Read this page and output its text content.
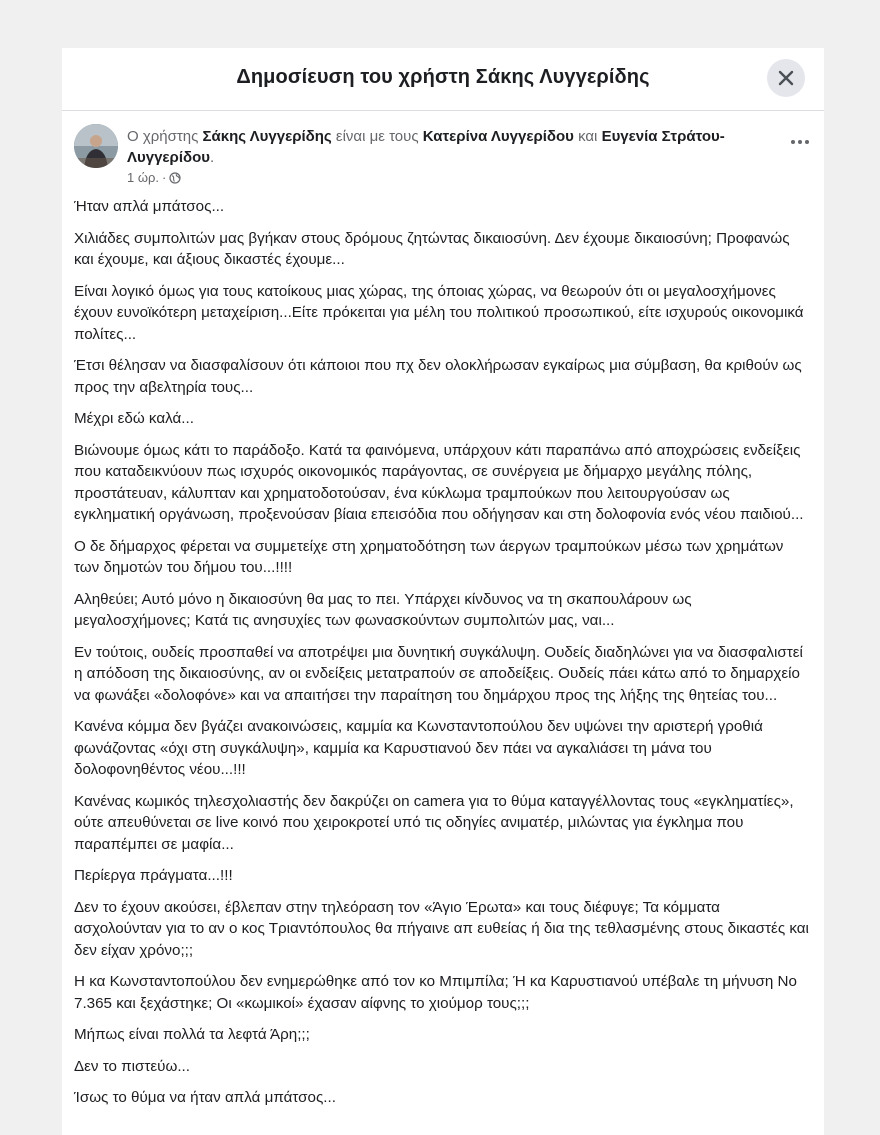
Δημοσίευση του χρήστη Σάκης Λυγγερίδης
Ο χρήστης Σάκης Λυγγερίδης είναι με τους Κατερίνα Λυγγερίδου και Ευγενία Στράτου-Λυγγερίδου.
1 ώρ. ·

Ήταν απλά μπάτσος...

Χιλιάδες συμπολιτών μας βγήκαν στους δρόμους ζητώντας δικαιοσύνη. Δεν έχουμε δικαιοσύνη; Προφανώς και έχουμε, και άξιους δικαστές έχουμε...

Είναι λογικό όμως για τους κατοίκους μιας χώρας, της όποιας χώρας, να θεωρούν ότι οι μεγαλοσχήμονες έχουν ευνοϊκότερη μεταχείριση...Είτε πρόκειται για μέλη του πολιτικού προσωπικού, είτε ισχυρούς οικονομικά πολίτες...

Έτσι θέλησαν να διασφαλίσουν ότι κάποιοι που πχ δεν ολοκλήρωσαν εγκαίρως μια σύμβαση, θα κριθούν ως προς την αβελτηρία τους...

Μέχρι εδώ καλά...

Βιώνουμε όμως κάτι το παράδοξο. Κατά τα φαινόμενα, υπάρχουν κάτι παραπάνω από αποχρώσεις ενδείξεις που καταδεικνύουν πως ισχυρός οικονομικός παράγοντας, σε συνέργεια με δήμαρχο μεγάλης πόλης, προστάτευαν, κάλυπταν και χρηματοδοτούσαν, ένα κύκλωμα τραμπούκων που λειτουργούσαν ως εγκληματική οργάνωση, προξενούσαν βίαια επεισόδια που οδήγησαν και στη δολοφονία ενός νέου παιδιού...

Ο δε δήμαρχος φέρεται να συμμετείχε στη χρηματοδότηση των άεργων τραμπούκων μέσω των χρημάτων των δημοτών του δήμου του...!!!!

Αληθεύει; Αυτό μόνο η δικαιοσύνη θα μας το πει. Υπάρχει κίνδυνος να τη σκαπουλάρουν ως μεγαλοσχήμονες; Κατά τις ανησυχίες των φωνασκούντων συμπολιτών μας, ναι...

Εν τούτοις, ουδείς προσπαθεί να αποτρέψει μια δυνητική συγκάλυψη. Ουδείς διαδηλώνει για να διασφαλιστεί η απόδοση της δικαιοσύνης, αν οι ενδείξεις μετατραπούν σε αποδείξεις. Ουδείς πάει κάτω από το δημαρχείο να φωνάξει «δολοφόνε» και να απαιτήσει την παραίτηση του δημάρχου προς της λήξης της θητείας του...

Κανένα κόμμα δεν βγάζει ανακοινώσεις, καμμία κα Κωνσταντοπούλου δεν υψώνει την αριστερή γροθιά φωνάζοντας «όχι στη συγκάλυψη», καμμία κα Καρυστιανού δεν πάει να αγκαλιάσει τη μάνα του δολοφονηθέντος νέου...!!!

Κανένας κωμικός τηλεσχολιαστής δεν δακρύζει on camera για το θύμα καταγγέλλοντας τους «εγκληματίες», ούτε απευθύνεται σε live κοινό που χειροκροτεί υπό τις οδηγίες ανιματέρ, μιλώντας για έγκλημα που παραπέμπει σε μαφία...

Περίεργα πράγματα...!!!

Δεν το έχουν ακούσει, έβλεπαν στην τηλεόραση τον «Άγιο Έρωτα» και τους διέφυγε; Τα κόμματα ασχολούνταν για το αν ο κος Τριαντόπουλος θα πήγαινε απ ευθείας ή δια της τεθλασμένης στους δικαστές και δεν είχαν χρόνο;;;

Η κα Κωνσταντοπούλου δεν ενημερώθηκε από τον κο Μπιμπίλα; Ή κα Καρυστιανού υπέβαλε τη μήνυση Νο 7.365 και ξεχάστηκε; Οι «κωμικοί» έχασαν αίφνης το χιούμορ τους;;;

Μήπως είναι πολλά τα λεφτά Άρη;;;

Δεν το πιστεύω...

Ίσως το θύμα να ήταν απλά μπάτσος...
